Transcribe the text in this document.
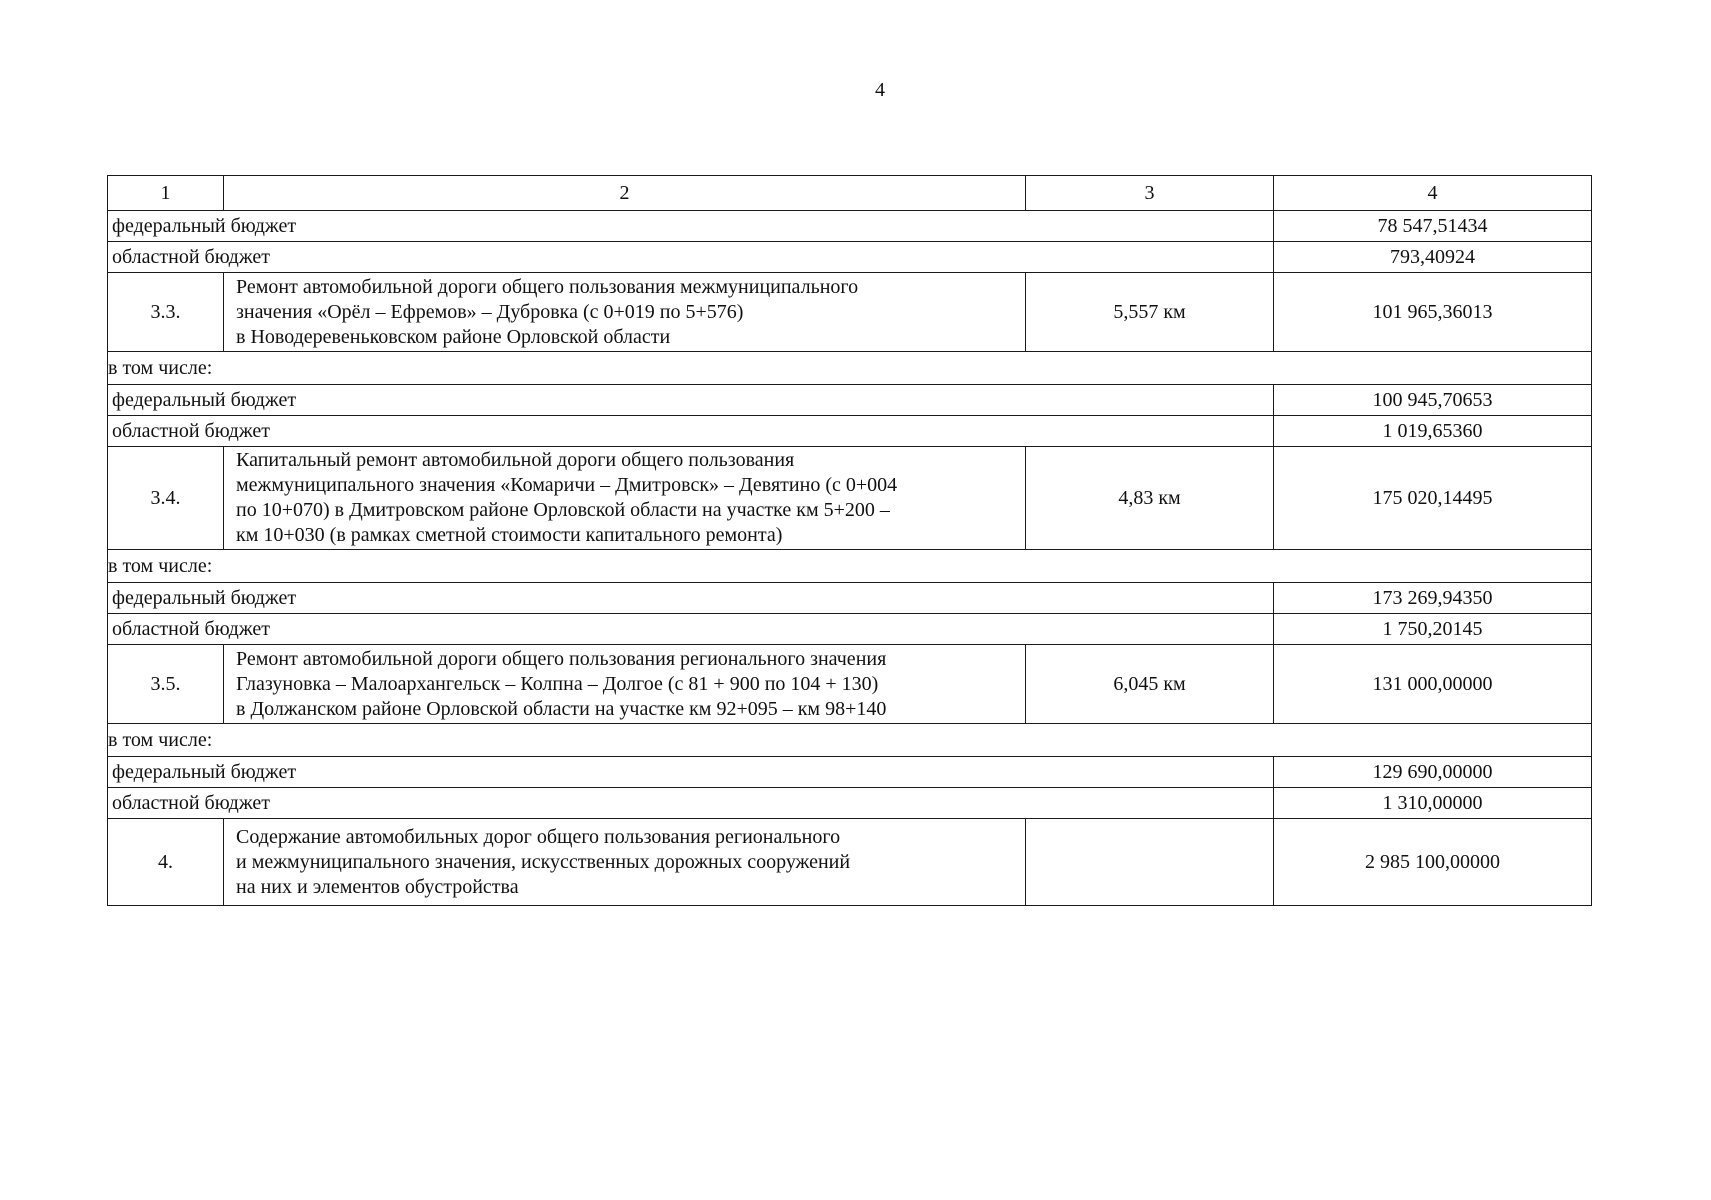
4
1	2	3	4
федеральный бюджет			78 547,51434
областной бюджет			793,40924
3.3.	Ремонт автомобильной дороги общего пользования межмуниципального
значения «Орёл – Ефремов» – Дубровка (с 0+019 по 5+576)
в Новодеревеньковском районе Орловской области	5,557 км	101 965,36013
в том числе:			
федеральный бюджет			100 945,70653
областной бюджет			1 019,65360
3.4.	Капитальный ремонт автомобильной дороги общего пользования
межмуниципального значения «Комаричи – Дмитровск» – Девятино (с 0+004
по 10+070) в Дмитровском районе Орловской области на участке км 5+200 –
км 10+030 (в рамках сметной стоимости капитального ремонта)	4,83 км	175 020,14495
в том числе:			
федеральный бюджет			173 269,94350
областной бюджет			1 750,20145
3.5.	Ремонт автомобильной дороги общего пользования регионального значения
Глазуновка – Малоархангельск – Колпна – Долгое (с 81 + 900 по 104 + 130)
в Должанском районе Орловской области на участке км 92+095 – км 98+140	6,045 км	131 000,00000
в том числе:			
федеральный бюджет			129 690,00000
областной бюджет			1 310,00000
4.	Содержание автомобильных дорог общего пользования регионального
и межмуниципального значения, искусственных дорожных сооружений
на них и элементов обустройства		2 985 100,00000
